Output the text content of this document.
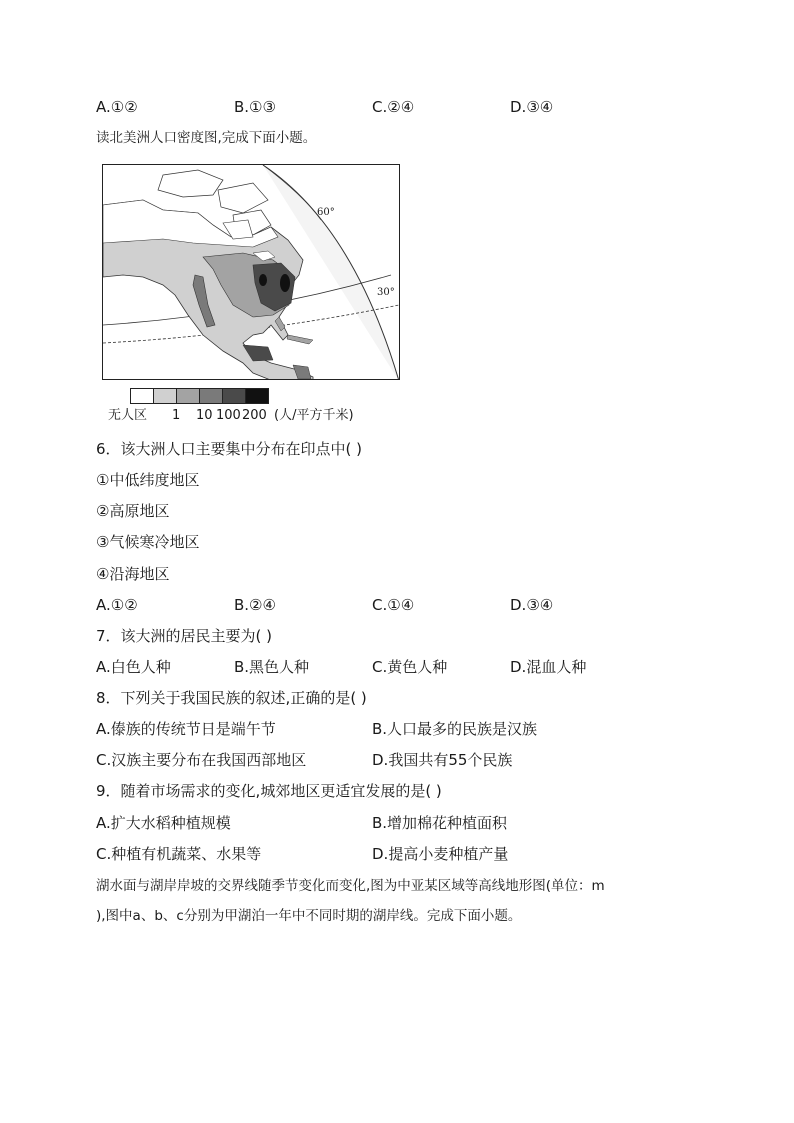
A.①②	B.①③	C.②④	D.③④
读北美洲人口密度图,完成下面小题。
60°
30°
无人区 1 10 100 200 (人/平方千米)
6．该大洲人口主要集中分布在印点中( )
①中低纬度地区
②高原地区
③气候寒冷地区
④沿海地区
A.①②	B.②④	C.①④	D.③④
7．该大洲的居民主要为( )
A.白色人种	B.黑色人种	C.黄色人种	D.混血人种
8．下列关于我国民族的叙述,正确的是( )
A.傣族的传统节日是端午节	B.人口最多的民族是汉族
C.汉族主要分布在我国西部地区	D.我国共有55个民族
9．随着市场需求的变化,城郊地区更适宜发展的是( )
A.扩大水稻种植规模	B.增加棉花种植面积
C.种植有机蔬菜、水果等	D.提高小麦种植产量
湖水面与湖岸岸坡的交界线随季节变化而变化,图为中亚某区域等高线地形图(单位：m
),图中a、b、c分别为甲湖泊一年中不同时期的湖岸线。完成下面小题。
